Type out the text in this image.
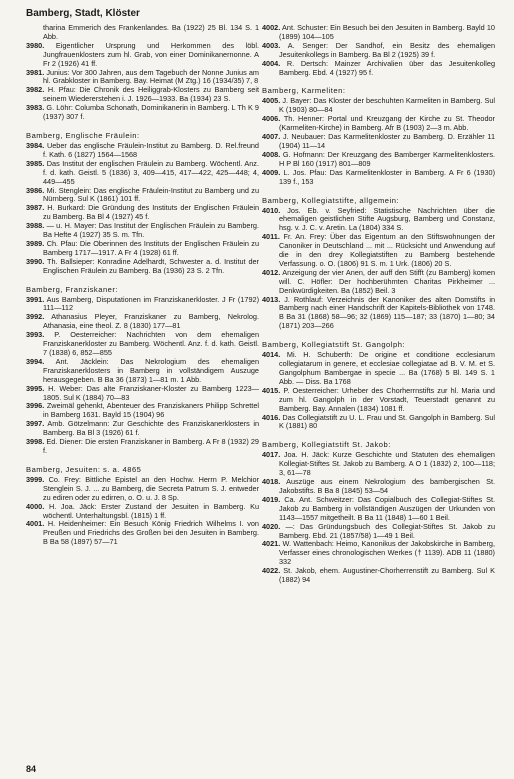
Bamberg, Stadt, Klöster

tharina Emmerich des Frankenlandes. Ba (1922) 25 Bl. 134 S. 1 Abb.

3980. Eigentlicher Ursprung und Herkommen des löbl. Jungfrauenklosters zum hl. Grab, von einer Dominikanernonne. A Fr 2 (1926) 41 ff.

3981. Junius: Vor 300 Jahren, aus dem Tagebuch der Nonne Junius am hl. Grabkloster in Bamberg. Bay. Heimat (M Ztg.) 16 (1934/35) 7, 8

3982. H. Pfau: Die Chronik des Heiliggrab-Klosters zu Bamberg seit seinem Wiedererstehen i. J. 1926—1933. Ba (1934) 23 S.

3983. G. Löhr: Columba Schonath, Dominikanerin in Bamberg. L Th K 9 (1937) 307 f.

Bamberg, Englische Fräulein:

3984. Ueber das englische Fräulein-Institut zu Bamberg. D. Rel.freund f. Kath. 6 (1827) 1564—1568

3985. Das Institut der englischen Fräulein zu Bamberg. Wöchentl. Anz. f. d. kath. Geistl. 5 (1836) 3, 409—415, 417—422, 425—448; 4, 449—455

3986. Mi. Stenglein: Das englische Fräulein-Institut zu Bamberg und zu Nürnberg. Sul K (1861) 101 ff.

3987. H. Burkard: Die Gründung des Instituts der Englischen Fräulein zu Bamberg. Ba Bl 4 (1927) 45 f.

3988. — u. H. Mayer: Das Institut der Englischen Fräulein zu Bamberg. Ba Hefte 4 (1927) 35 S. m. Tfn.

3989. Ch. Pfau: Die Oberinnen des Instituts der Englischen Fräulein zu Bamberg 1717—1917. A Fr 4 (1928) 61 ff.

3990. Th. Ballsieper: Konradine Adelhardt, Schwester a. d. Institut der Englischen Fräulein zu Bamberg. Ba (1936) 23 S. 2 Tfn.

Bamberg, Franziskaner:

3991. Aus Bamberg, Disputationen im Franziskanerkloster. J Fr (1792) 111—112

3992. Athanasius Pleyer, Franziskaner zu Bamberg, Nekrolog. Athanasia, eine theol. Z. 8 (1830) 177—81

3993. P. Oesterreicher: Nachrichten von dem ehemaligen Franziskanerkloster zu Bamberg. Wöchentl. Anz. f. d. kath. Geistl. 7 (1838) 6, 852—855

3994. Ant. Jäcklein: Das Nekrologium des ehemaligen Franziskanerklosters in Bamberg in vollständigem Auszuge herausgegeben. B Ba 36 (1873) 1—81 m. 1 Abb.

3995. H. Weber: Das alte Franziskaner-Kloster zu Bamberg 1223—1805. Sul K (1884) 70—83

3996. Zweimäl gehenkt, Abenteuer des Franziskaners Philipp Schrettel in Bamberg 1631. Bayld 15 (1904) 96

3997. Amb. Götzelmann: Zur Geschichte des Franziskanerklosters in Bamberg. Ba Bl 3 (1926) 61 f.

3998. Ed. Diener: Die ersten Franziskaner in Bamberg. A Fr 8 (1932) 29 f.

Bamberg, Jesuiten: s. a. 4865

3999. Co. Frey: Bittliche Epistel an den Hochw. Herrn P. Melchior Stenglein S. J. ... zu Bamberg, die Secreta Patrum S. J. entweder zu ediren oder zu edirren, o. O. u. J. 8 Sp.

4000. H. Joa. Jäck: Erster Zustand der Jesuiten in Bamberg. Ku wöchentl. Unterhaltungsbl. (1815) 1 ff.

4001. H. Heidenheimer: Ein Besuch König Friedrich Wilhelms I. von Preußen und Friedrichs des Großen bei den Jesuiten in Bamberg. B Ba 58 (1897) 57—71

4002. Ant. Schuster: Ein Besuch bei den Jesuiten in Bamberg. Bayld 10 (1899) 104—105

4003. A. Senger: Der Sandhof, ein Besitz des ehemaligen Jesuitenkollegs in Bamberg. Ba Bl 2 (1925) 39 f.

4004. R. Dertsch: Mainzer Archivalien über das Jesuitenkolleg Bamberg. Ebd. 4 (1927) 95 f.

Bamberg, Karmeliten:

4005. J. Bayer: Das Kloster der beschuhten Karmeliten in Bamberg. Sul K (1903) 80—84

4006. Th. Henner: Portal und Kreuzgang der Kirche zu St. Theodor (Karmeliten-Kirche) in Bamberg. Afr B (1903) 2—3 m. Abb.

4007. J. Neubauer: Das Karmelitenkloster zu Bamberg. D. Erzähler 11 (1904) 11—14

4008. G. Hofmann: Der Kreuzgang des Bamberger Karmelitenklosters. H P Bl 160 (1917) 801—809

4009. L. Jos. Pfau: Das Karmelitenkloster in Bamberg. A Fr 6 (1930) 139 f., 153

Bamberg, Kollegiatstifte, allgemein:

4010. Jos. Eb. v. Seyfried: Statistische Nachrichten über die ehemaligen geistlichen Stifte Augsburg, Bamberg und Constanz, hsg. v. J. C. v. Aretin. La (1804) 334 S.

4011. Fr. An. Frey: Über das Eigentum an den Stiftswohnungen der Canoniker in Deutschland ... mit ... Rücksicht und Anwendung auf die in den drey Kollegiatstiften zu Bamberg bestehende Verfassung. o. O. (1806) 91 S. m. 1 Urk. (1806) 20 S.

4012. Anzeigung der vier Anen, der auff den Stifft (zu Bamberg) komen will. C. Höfler: Der hochberühmten Charitas Pirkheimer ... Denkwürdigkeiten. Ba (1852) Beil. 3

4013. J. Rothlauf: Verzeichnis der Kanoniker des alten Domstifts in Bamberg nach einer Handschrift der Kapitels-Bibliothek von 1748. B Ba 31 (1868) 58—96; 32 (1869) 115—187; 33 (1870) 1—80; 34 (1871) 203—266

Bamberg, Kollegiatstift St. Gangolph:

4014. Mi. H. Schuberth: De origine et conditione ecclesiarum collegiatarum in genere, et ecclesiae collegiatae ad B. V. M. et S. Gangolphum Bambergae in specie ... Ba (1768) 5 Bl. 149 S. 1 Abb. — Diss. Ba 1768

4015. P. Oesterreicher: Urheber des Chorherrnstifts zur hl. Maria und zum hl. Gangolph in der Vorstadt, Teuerstadt genannt zu Bamberg. Bay. Annalen (1834) 1081 ff.

4016. Das Collegiatstift zu U. L. Frau und St. Gangolph in Bamberg. Sul K (1881) 80

Bamberg, Kollegiatstift St. Jakob:

4017. Joa. H. Jäck: Kurze Geschichte und Statuten des ehemaligen Kollegiat-Stiftes St. Jakob zu Bamberg. A O 1 (1832) 2, 100—118; 3, 61—78

4018. Auszüge aus einem Nekrologium des bambergischen St. Jakobstifts. B Ba 8 (1845) 53—54

4019. Ca. Ant. Schweitzer: Das Copialbuch des Collegiat-Stiftes St. Jakob zu Bamberg in vollständigen Auszügen der Urkunden von 1143—1557 mitgetheilt. B Ba 11 (1848) 1—60 1 Beil.

4020. —: Das Gründungsbuch des Collegiat-Stiftes St. Jakob zu Bamberg. Ebd. 21 (1857/58) 1—49 1 Beil.

4021. W. Wattenbach: Heimo, Kanonikus der Jakobskirche in Bamberg, Verfasser eines chronologischen Werkes († 1139). ADB 11 (1880) 332

4022. St. Jakob, ehem. Augustiner-Chorherrenstift zu Bamberg. Sul K (1882) 94

84
